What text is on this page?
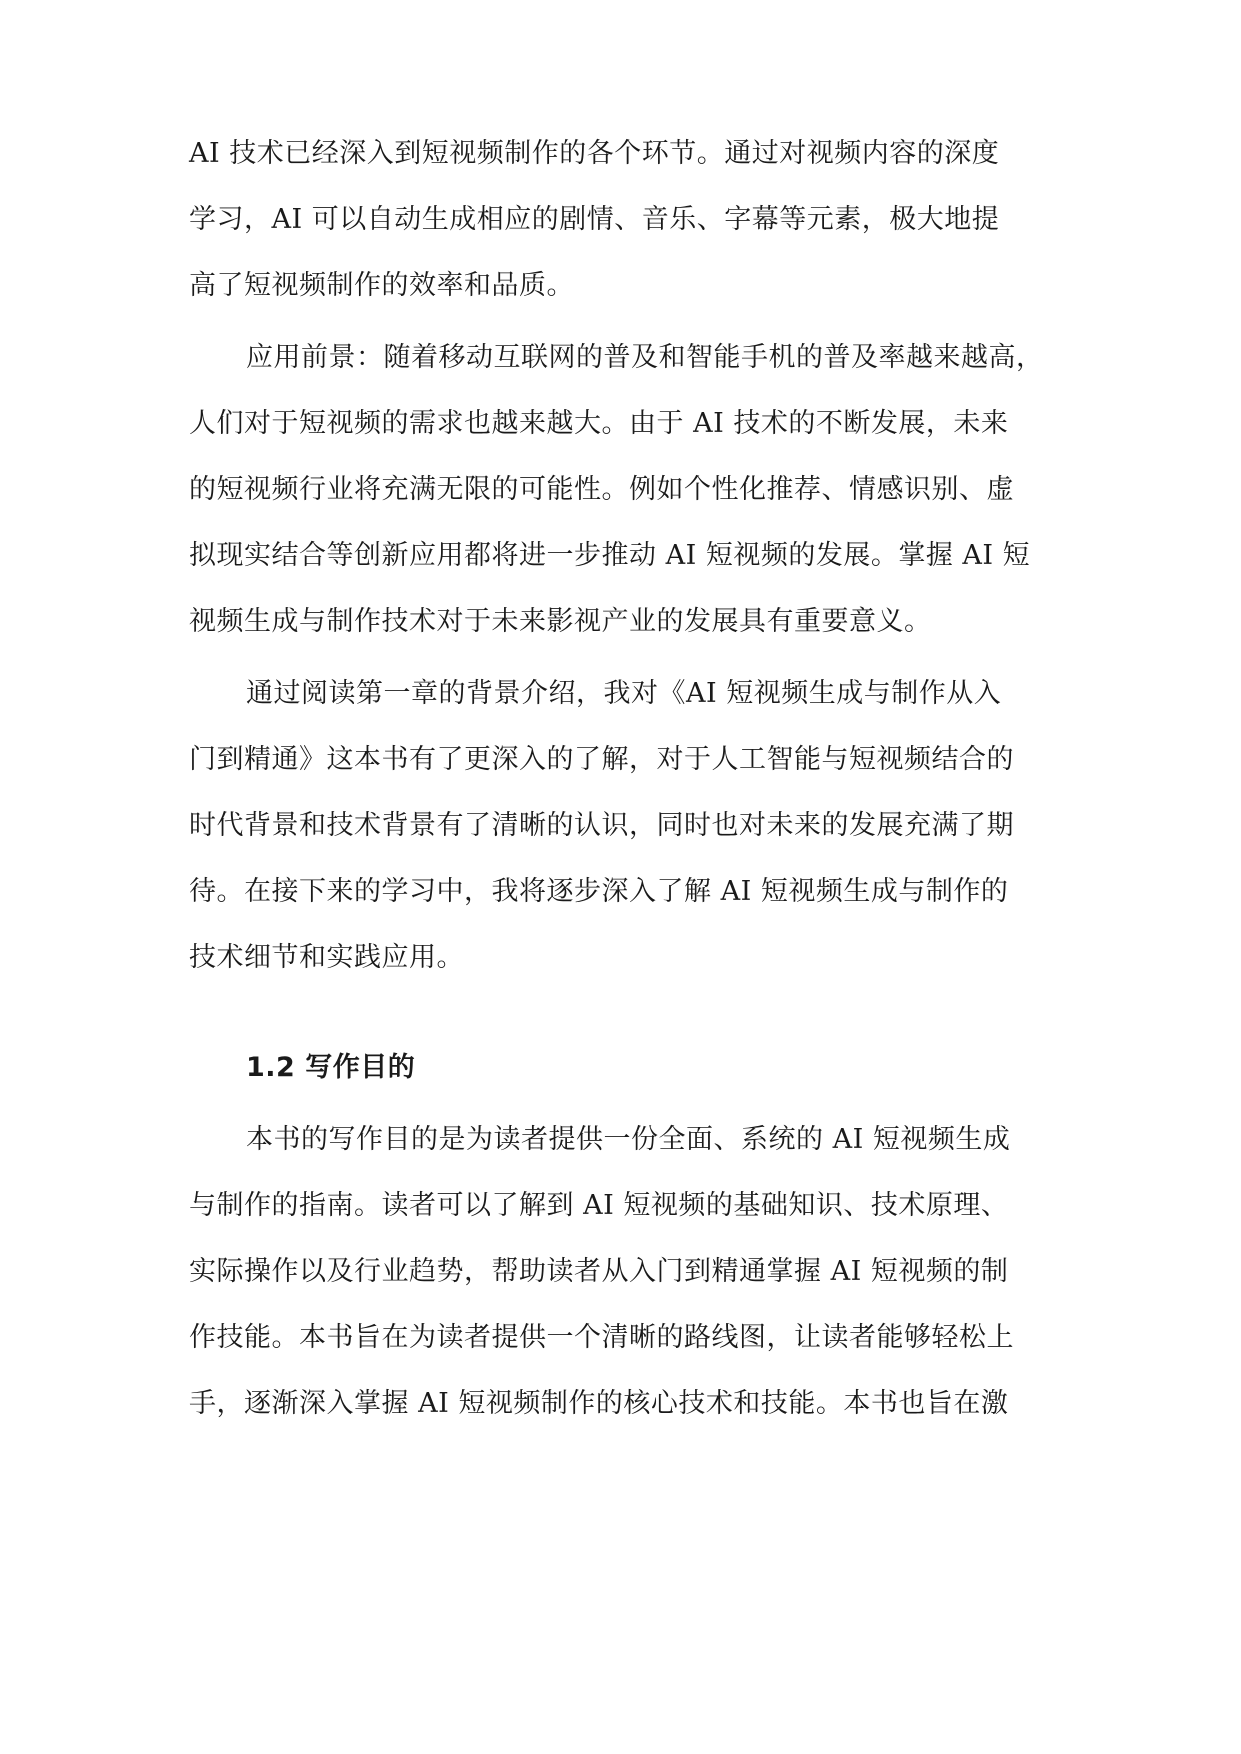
AI 技术已经深入到短视频制作的各个环节。通过对视频内容的深度
学习，AI 可以自动生成相应的剧情、音乐、字幕等元素，极大地提
高了短视频制作的效率和品质。
应用前景：随着移动互联网的普及和智能手机的普及率越来越高，
人们对于短视频的需求也越来越大。由于 AI 技术的不断发展，未来
的短视频行业将充满无限的可能性。例如个性化推荐、情感识别、虚
拟现实结合等创新应用都将进一步推动 AI 短视频的发展。掌握 AI 短
视频生成与制作技术对于未来影视产业的发展具有重要意义。
通过阅读第一章的背景介绍，我对《AI 短视频生成与制作从入
门到精通》这本书有了更深入的了解，对于人工智能与短视频结合的
时代背景和技术背景有了清晰的认识，同时也对未来的发展充满了期
待。在接下来的学习中，我将逐步深入了解 AI 短视频生成与制作的
技术细节和实践应用。
1.2 写作目的
本书的写作目的是为读者提供一份全面、系统的 AI 短视频生成
与制作的指南。读者可以了解到 AI 短视频的基础知识、技术原理、
实际操作以及行业趋势，帮助读者从入门到精通掌握 AI 短视频的制
作技能。本书旨在为读者提供一个清晰的路线图，让读者能够轻松上
手，逐渐深入掌握 AI 短视频制作的核心技术和技能。本书也旨在激
